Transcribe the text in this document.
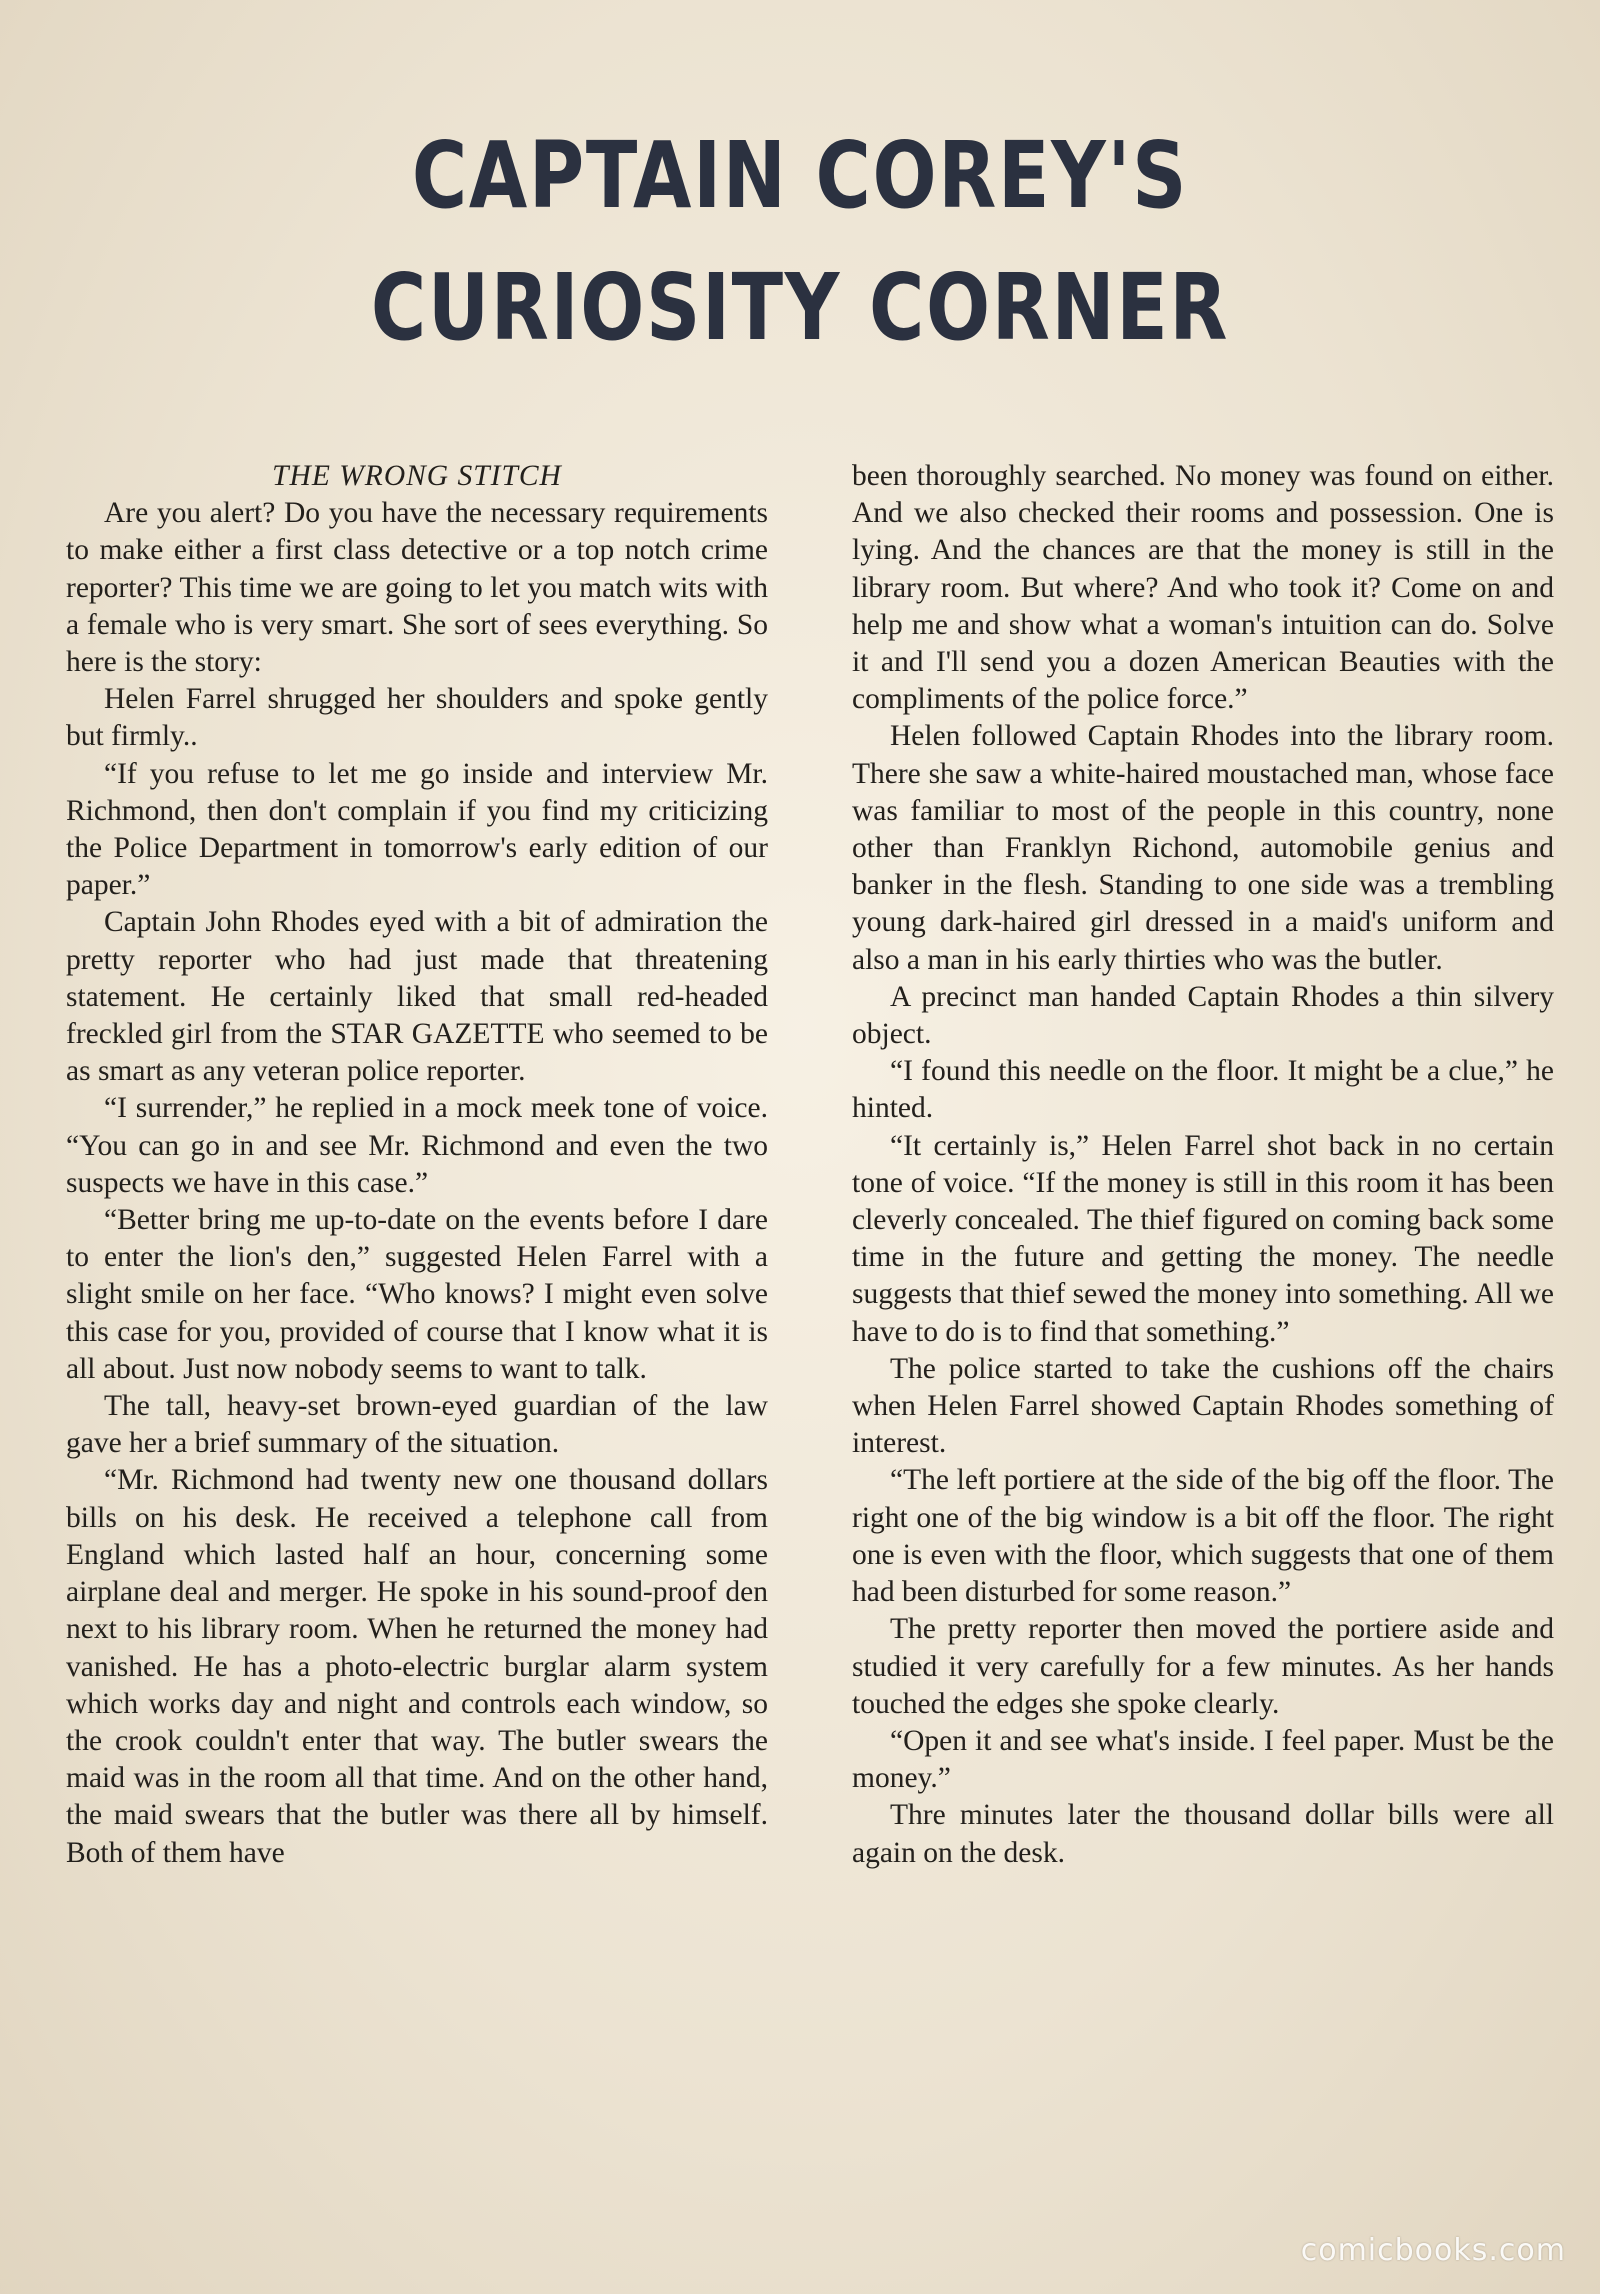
CAPTAIN COREY'S
CURIOSITY CORNER

THE WRONG STITCH

Are you alert? Do you have the necessary requirements to make either a first class detective or a top notch crime reporter? This time we are going to let you match wits with a female who is very smart. She sort of sees everything. So here is the story:

Helen Farrel shrugged her shoulders and spoke gently but firmly..

“If you refuse to let me go inside and interview Mr. Richmond, then don't complain if you find my criticizing the Police Department in tomorrow's early edition of our paper.”

Captain John Rhodes eyed with a bit of admiration the pretty reporter who had just made that threatening statement. He certainly liked that small red-headed freckled girl from the STAR GAZETTE who seemed to be as smart as any veteran police reporter.

“I surrender,” he replied in a mock meek tone of voice. “You can go in and see Mr. Richmond and even the two suspects we have in this case.”

“Better bring me up-to-date on the events before I dare to enter the lion's den,” suggested Helen Farrel with a slight smile on her face. “Who knows? I might even solve this case for you, provided of course that I know what it is all about. Just now nobody seems to want to talk.

The tall, heavy-set brown-eyed guardian of the law gave her a brief summary of the situation.

“Mr. Richmond had twenty new one thousand dollars bills on his desk. He received a telephone call from England which lasted half an hour, concerning some airplane deal and merger. He spoke in his sound-proof den next to his library room. When he returned the money had vanished. He has a photo-electric burglar alarm system which works day and night and controls each window, so the crook couldn't enter that way. The butler swears the maid was in the room all that time. And on the other hand, the maid swears that the butler was there all by himself. Both of them have

been thoroughly searched. No money was found on either. And we also checked their rooms and possession. One is lying. And the chances are that the money is still in the library room. But where? And who took it? Come on and help me and show what a woman's intuition can do. Solve it and I'll send you a dozen American Beauties with the compliments of the police force.”

Helen followed Captain Rhodes into the library room. There she saw a white-haired moustached man, whose face was familiar to most of the people in this country, none other than Franklyn Richond, automobile genius and banker in the flesh. Standing to one side was a trembling young dark-haired girl dressed in a maid's uniform and also a man in his early thirties who was the butler.

A precinct man handed Captain Rhodes a thin silvery object.

“I found this needle on the floor. It might be a clue,” he hinted.

“It certainly is,” Helen Farrel shot back in no certain tone of voice. “If the money is still in this room it has been cleverly concealed. The thief figured on coming back some time in the future and getting the money. The needle suggests that thief sewed the money into something. All we have to do is to find that something.”

The police started to take the cushions off the chairs when Helen Farrel showed Captain Rhodes something of interest.

“The left portiere at the side of the big off the floor. The right one of the big window is a bit off the floor. The right one is even with the floor, which suggests that one of them had been disturbed for some reason.”

The pretty reporter then moved the portiere aside and studied it very carefully for a few minutes. As her hands touched the edges she spoke clearly.

“Open it and see what's inside. I feel paper. Must be the money.”

Thre minutes later the thousand dollar bills were all again on the desk.

comicbooks.com
